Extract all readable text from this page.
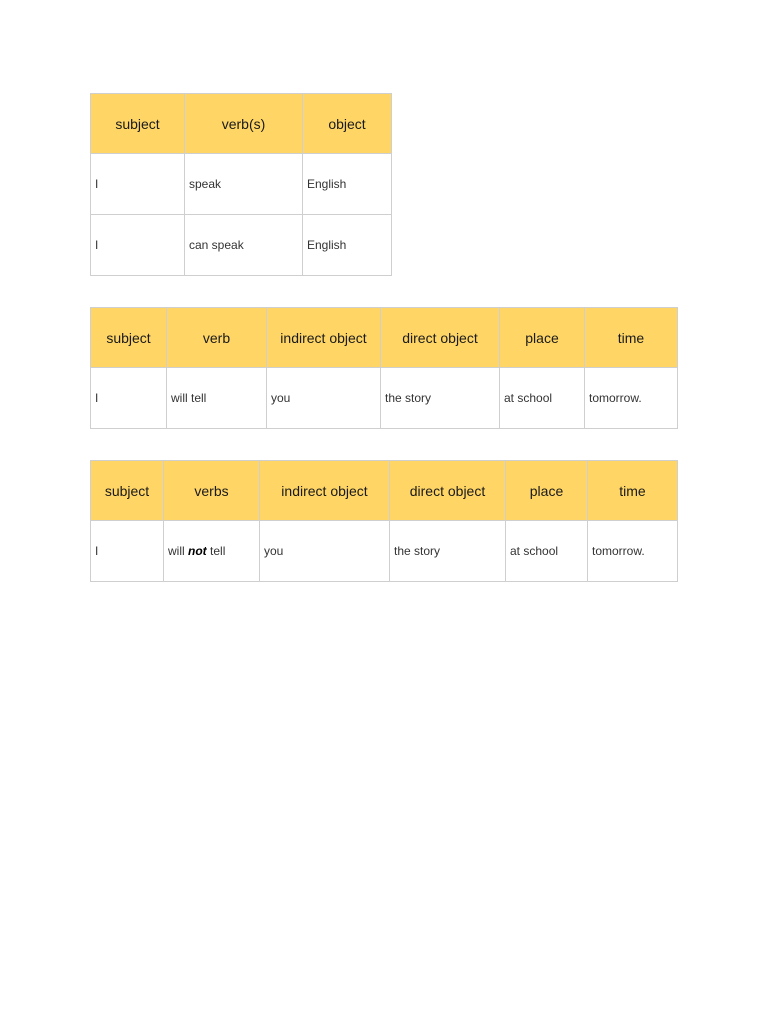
subject	verb(s)	object
I	speak	English
I	can speak	English
subject	verb	indirect object	direct object	place	time
I	will tell	you	the story	at school	tomorrow.
subject	verbs	indirect object	direct object	place	time
I	will not tell	you	the story	at school	tomorrow.
